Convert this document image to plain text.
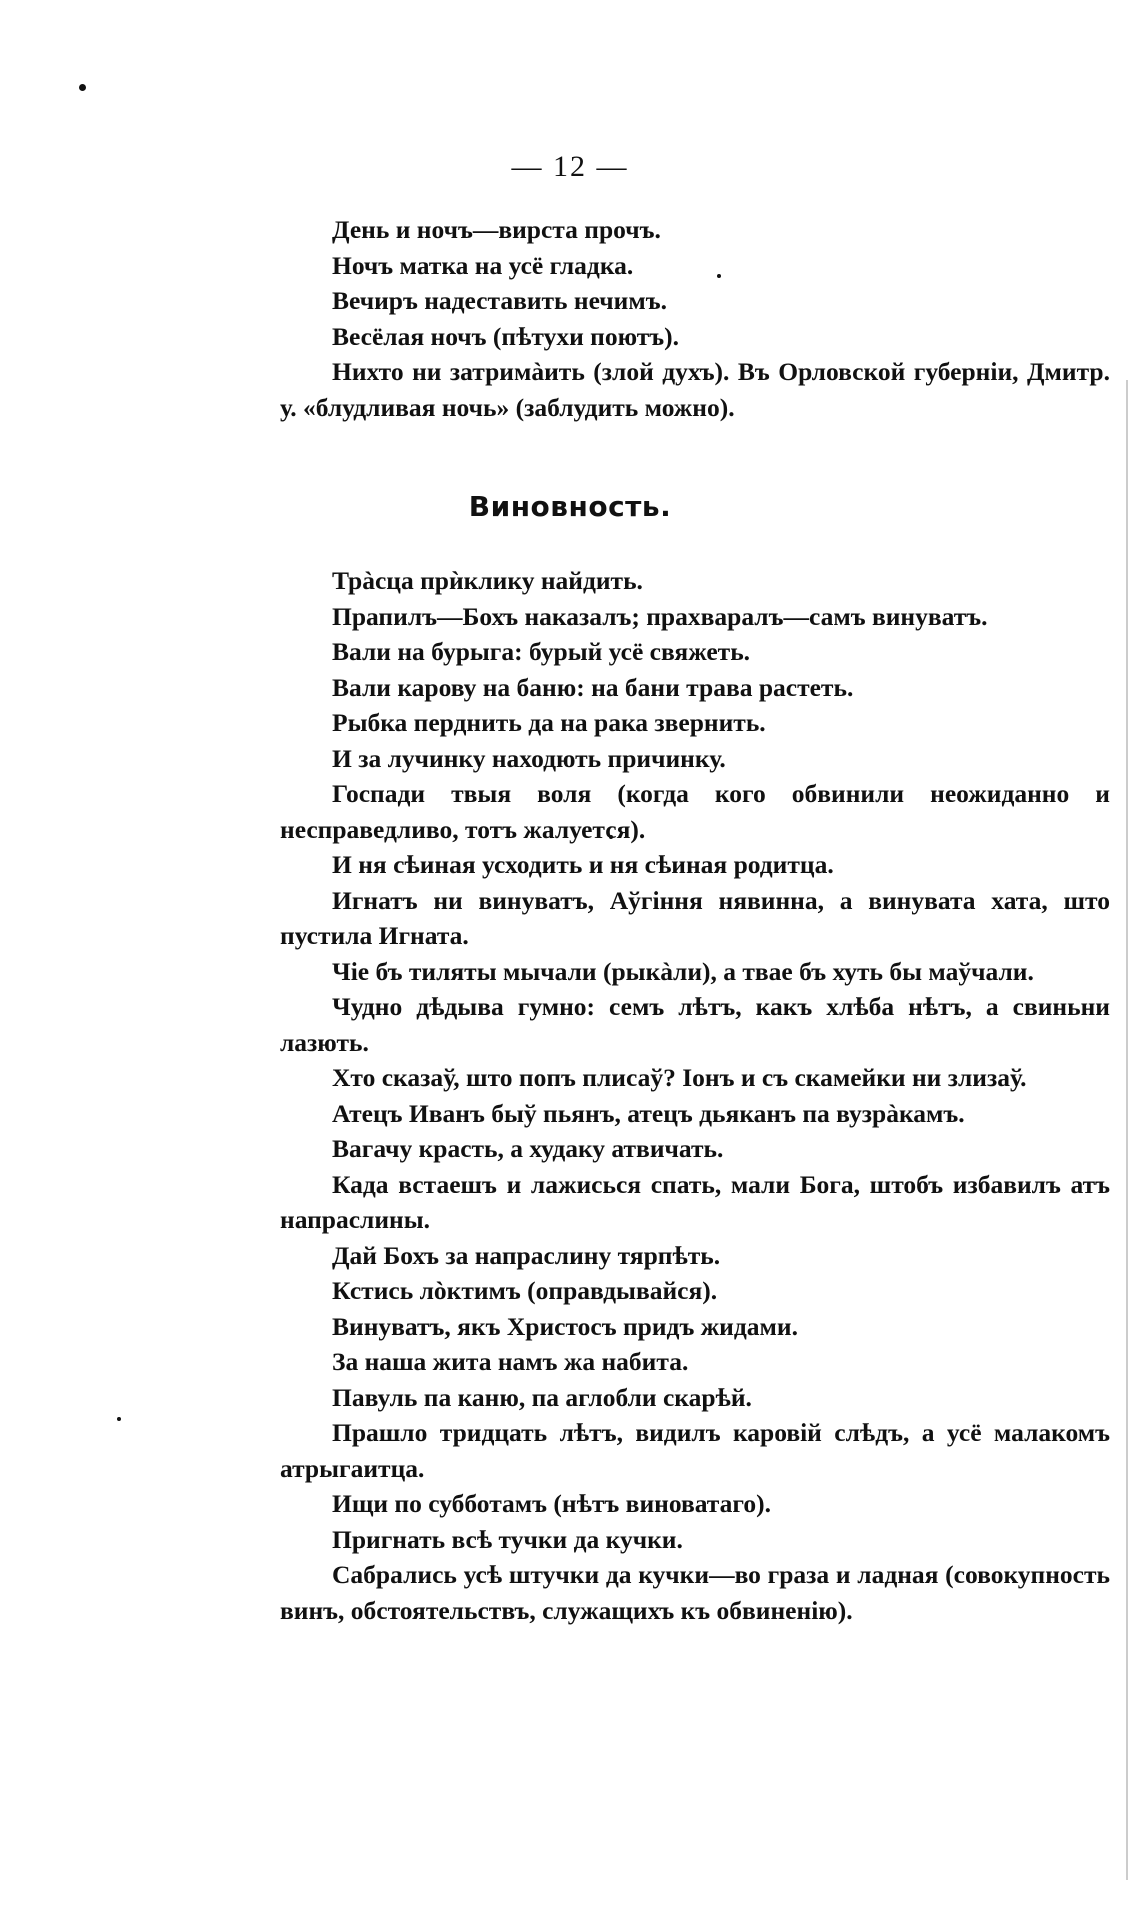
— 12 —

День и ночъ—вирста прочъ.

Ночъ матка на усё гладка.

Вечиръ надеставить нечимъ.

Весёлая ночъ (пѣтухи поютъ).

Нихто ни затримàить (злой духъ). Въ Орловской губерніи, Дмитр. у. «блудливая ночь» (заблудить можно).

Виновность.

Трàсца прѝклику найдить.

Прапилъ—Бохъ наказалъ; прахваралъ—самъ винуватъ.

Вали на бурыга: бурый усё свяжеть.

Вали карову на баню: на бани трава растеть.

Рыбка перднить да на рака звернить.

И за лучинку находють причинку.

Госпади твыя воля (когда кого обвинили неожиданно и несправедливо, тотъ жалуется).

И ня сѣиная усходить и ня сѣиная родитца.

Игнатъ ни винуватъ, Аўгіння нявинна, а винувата хата, што пустила Игната.

Чіе бъ тиляты мычали (рыкàли), а твае бъ хуть бы маўчали.

Чудно дѣдыва гумно: семъ лѣтъ, какъ хлѣба нѣтъ, а свиньни лазють.

Хто сказаў, што попъ плисаў? Іонъ и съ скамейки ни злизаў.

Атецъ Иванъ быў пьянъ, атецъ дьяканъ па вузрàкамъ.

Вагачу красть, а худаку атвичать.

Када встаешъ и лажисься спать, мали Бога, штобъ избавилъ атъ напраслины.

Дай Бохъ за напраслину тярпѣть.

Кстись лòктимъ (оправдывайся).

Винуватъ, якъ Христосъ придъ жидами.

За наша жита намъ жа набита.

Павуль па каню, па аглобли скарѣй.

Прашло тридцать лѣтъ, видилъ каровій слѣдъ, а усё малакомъ атрыгаитца.

Ищи по субботамъ (нѣтъ виноватаго).

Пригнать всѣ тучки да кучки.

Сабрались усѣ штучки да кучки—во граза и ладная (совокупность винъ, обстоятельствъ, служащихъ къ обвиненію).
